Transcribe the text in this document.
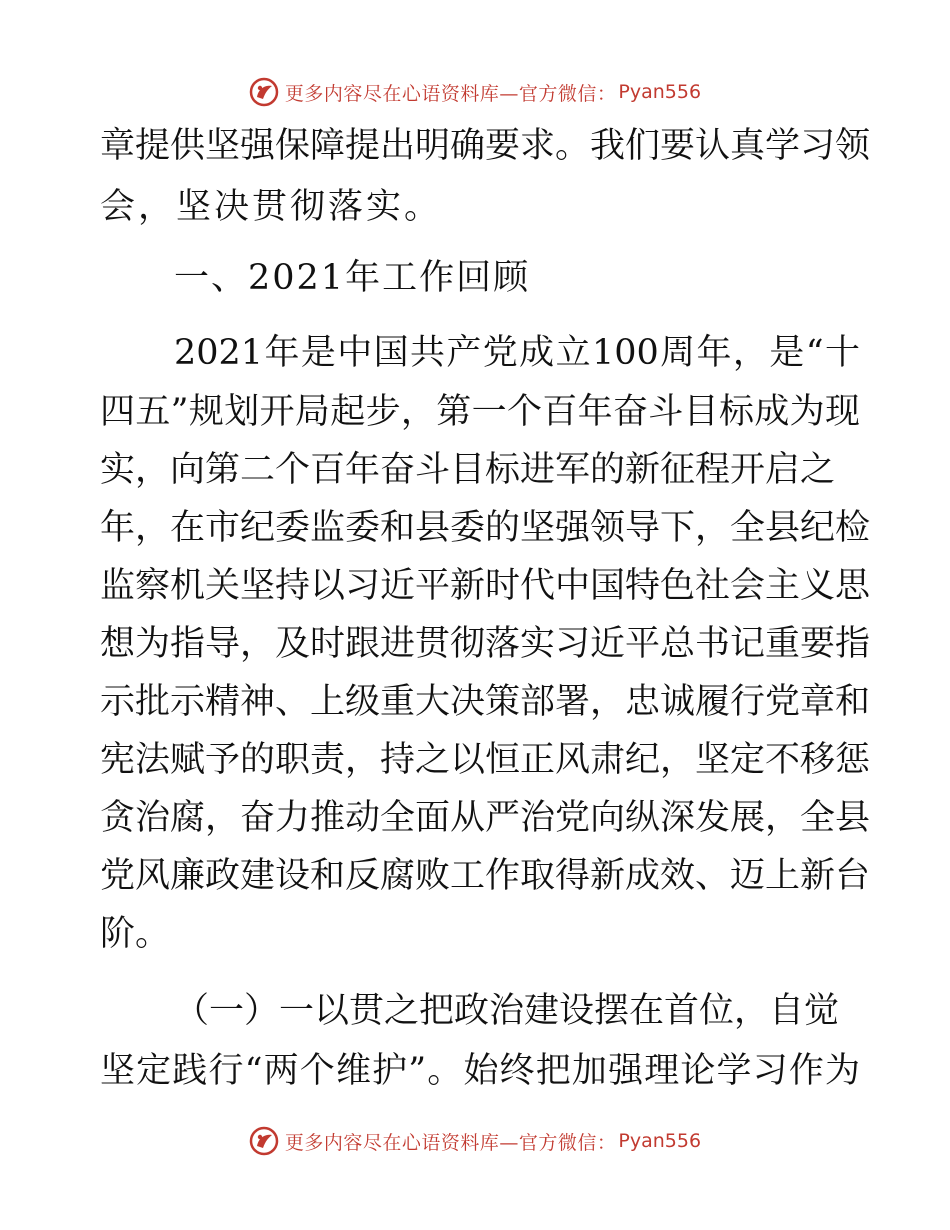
更多内容尽在心语资料库—官方微信： Pyan556
章提供坚强保障提出明确要求。我们要认真学习领
会，坚决贯彻落实。
一、2021年工作回顾
2021年是中国共产党成立100周年，是“十
四五”规划开局起步，第一个百年奋斗目标成为现
实，向第二个百年奋斗目标进军的新征程开启之
年，在市纪委监委和县委的坚强领导下，全县纪检
监察机关坚持以习近平新时代中国特色社会主义思
想为指导，及时跟进贯彻落实习近平总书记重要指
示批示精神、上级重大决策部署，忠诚履行党章和
宪法赋予的职责，持之以恒正风肃纪，坚定不移惩
贪治腐，奋力推动全面从严治党向纵深发展，全县
党风廉政建设和反腐败工作取得新成效、迈上新台
阶。
（一）一以贯之把政治建设摆在首位，自觉
坚定践行“两个维护”。始终把加强理论学习作为
更多内容尽在心语资料库—官方微信： Pyan556
